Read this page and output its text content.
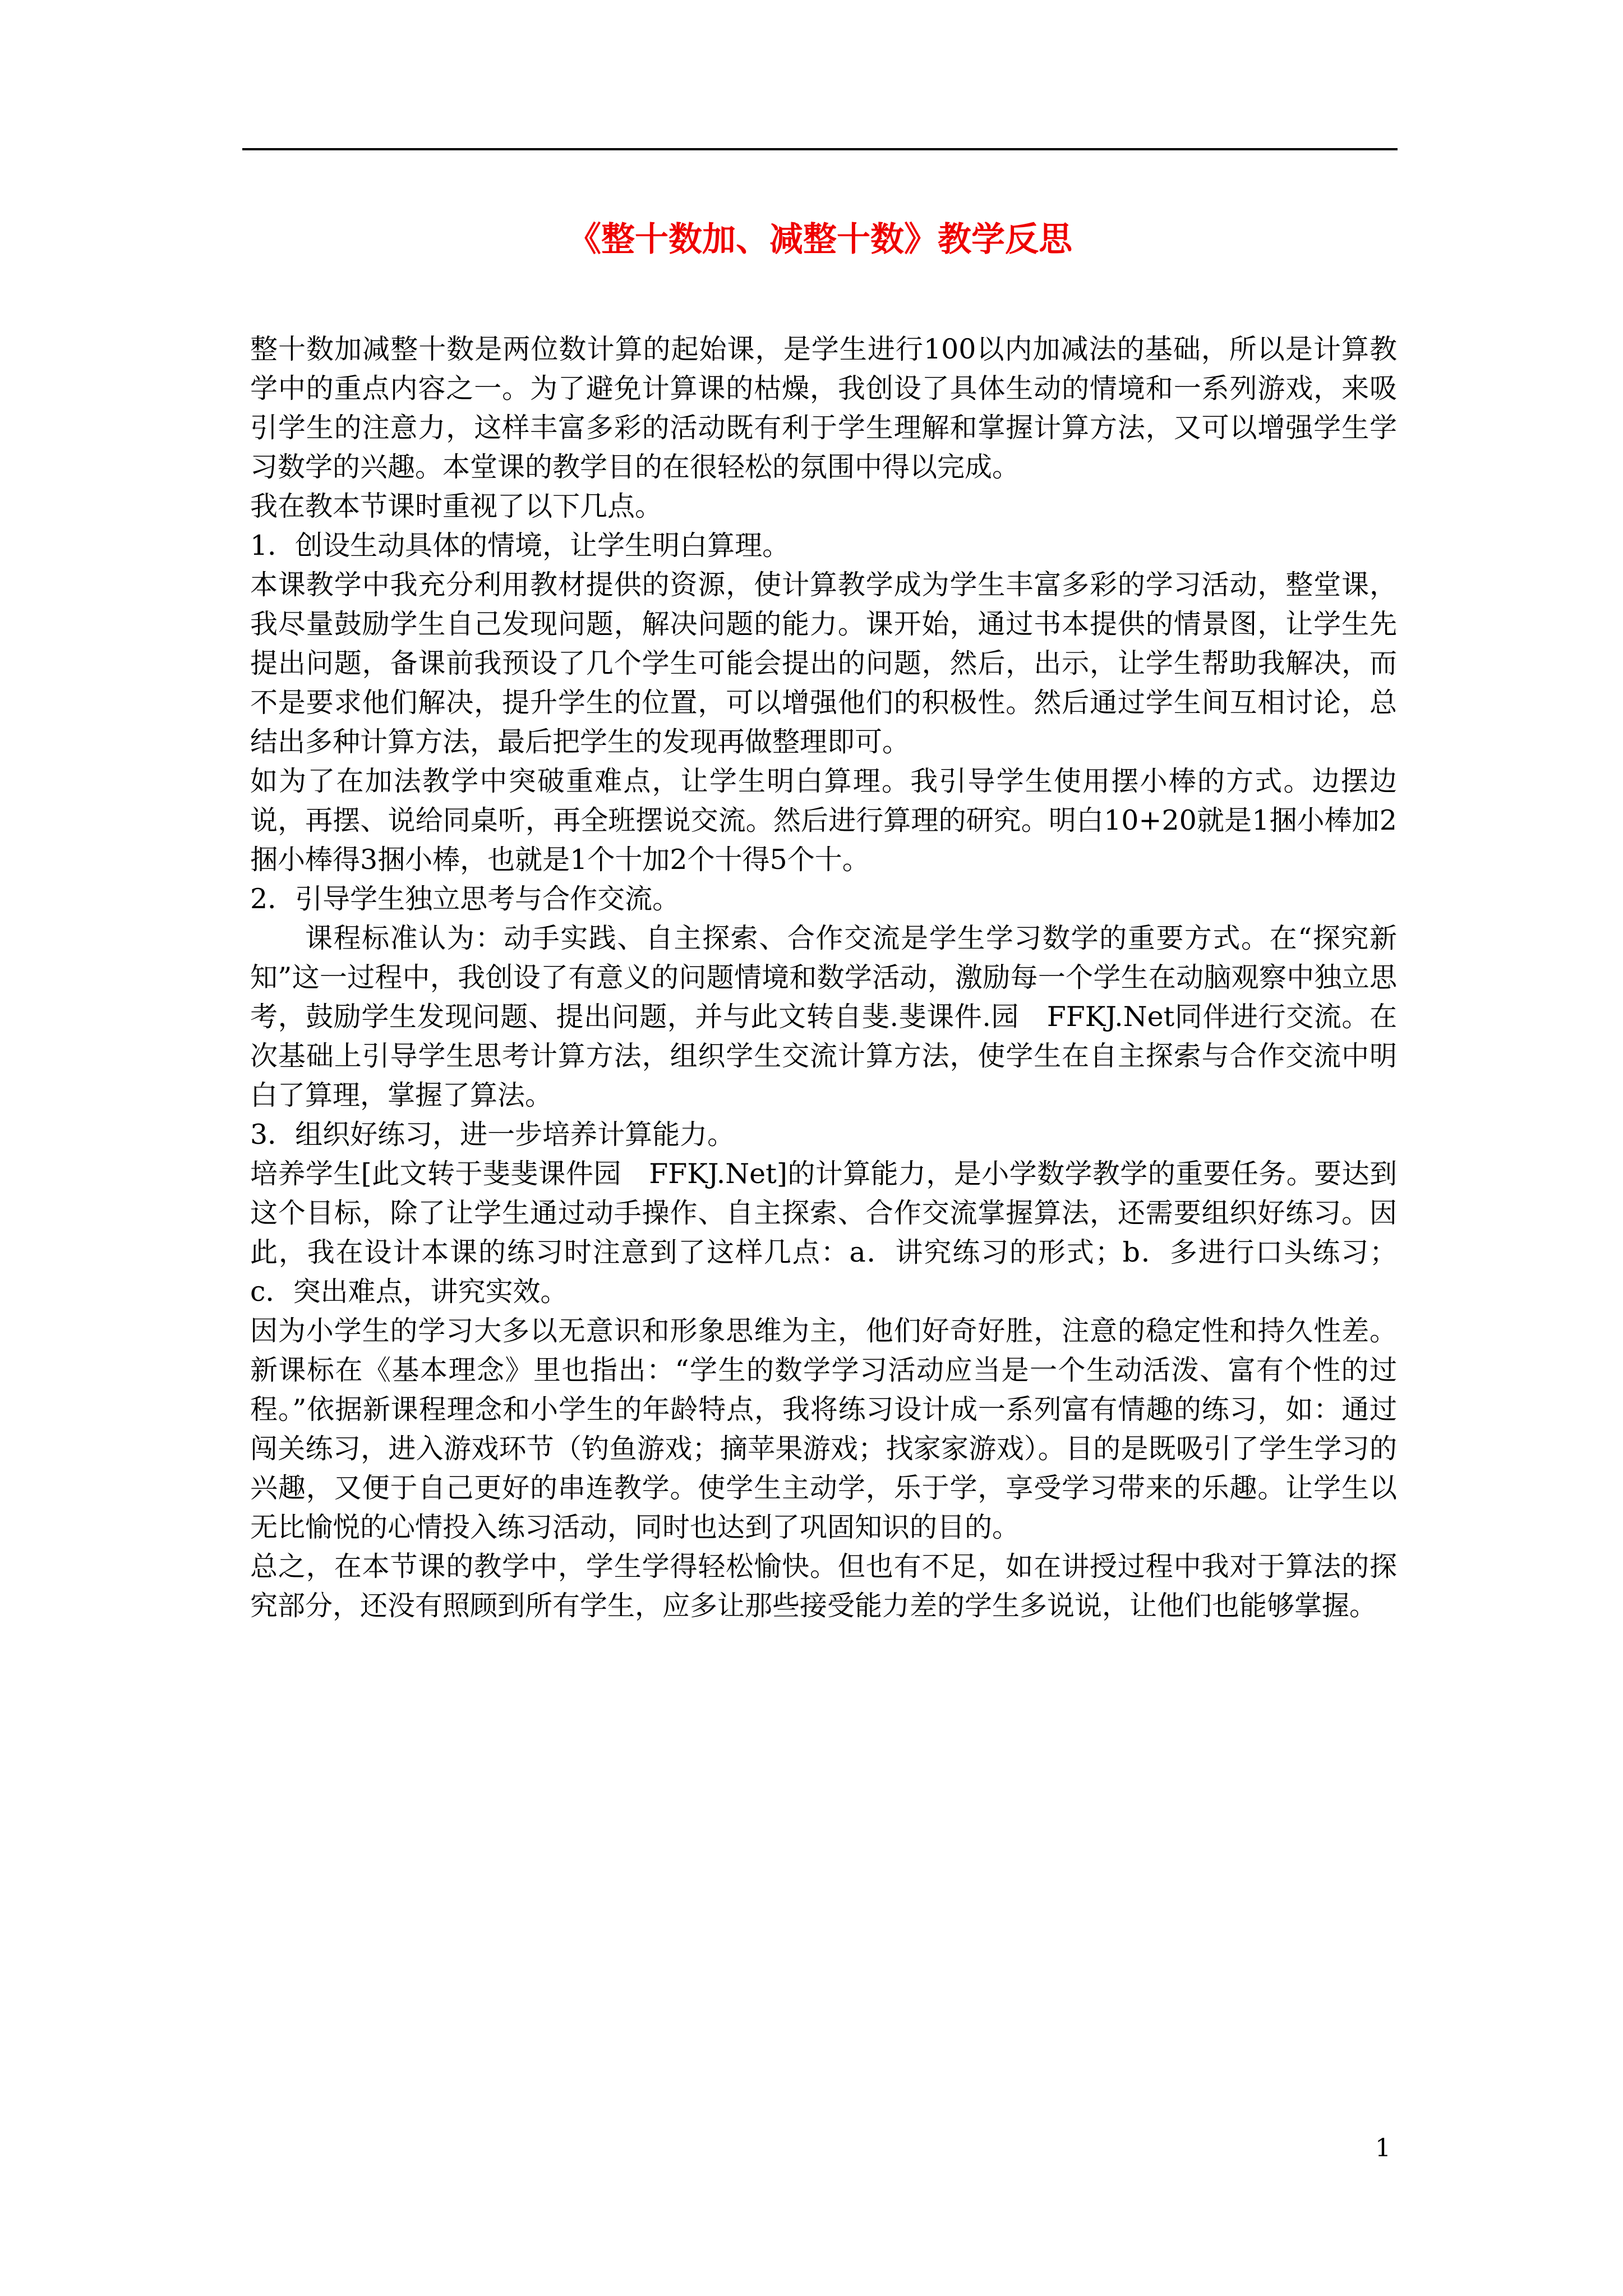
《整十数加、减整十数》教学反思

整十数加减整十数是两位数计算的起始课，是学生进行100以内加减法的基础，所以是计算教学中的重点内容之一。为了避免计算课的枯燥，我创设了具体生动的情境和一系列游戏，来吸引学生的注意力，这样丰富多彩的活动既有利于学生理解和掌握计算方法，又可以增强学生学习数学的兴趣。本堂课的教学目的在很轻松的氛围中得以完成。

我在教本节课时重视了以下几点。

1．创设生动具体的情境，让学生明白算理。

本课教学中我充分利用教材提供的资源，使计算教学成为学生丰富多彩的学习活动，整堂课，我尽量鼓励学生自己发现问题，解决问题的能力。课开始，通过书本提供的情景图，让学生先提出问题，备课前我预设了几个学生可能会提出的问题，然后，出示，让学生帮助我解决，而不是要求他们解决，提升学生的位置，可以增强他们的积极性。然后通过学生间互相讨论，总结出多种计算方法，最后把学生的发现再做整理即可。

如为了在加法教学中突破重难点，让学生明白算理。我引导学生使用摆小棒的方式。边摆边说，再摆、说给同桌听，再全班摆说交流。然后进行算理的研究。明白10+20就是1捆小棒加2捆小棒得3捆小棒，也就是1个十加2个十得5个十。

2．引导学生独立思考与合作交流。

课程标准认为：动手实践、自主探索、合作交流是学生学习数学的重要方式。在“探究新知”这一过程中，我创设了有意义的问题情境和数学活动，激励每一个学生在动脑观察中独立思考，鼓励学生发现问题、提出问题，并与此文转自斐.斐课件.园　FFKJ.Net同伴进行交流。在次基础上引导学生思考计算方法，组织学生交流计算方法，使学生在自主探索与合作交流中明白了算理，掌握了算法。

3．组织好练习，进一步培养计算能力。

培养学生[此文转于斐斐课件园　FFKJ.Net]的计算能力，是小学数学教学的重要任务。要达到这个目标，除了让学生通过动手操作、自主探索、合作交流掌握算法，还需要组织好练习。因此，我在设计本课的练习时注意到了这样几点：a．讲究练习的形式；b．多进行口头练习；c．突出难点，讲究实效。

因为小学生的学习大多以无意识和形象思维为主，他们好奇好胜，注意的稳定性和持久性差。新课标在《基本理念》里也指出：“学生的数学学习活动应当是一个生动活泼、富有个性的过程。”依据新课程理念和小学生的年龄特点，我将练习设计成一系列富有情趣的练习，如：通过闯关练习，进入游戏环节（钓鱼游戏；摘苹果游戏；找家家游戏）。目的是既吸引了学生学习的兴趣，又便于自己更好的串连教学。使学生主动学，乐于学，享受学习带来的乐趣。让学生以无比愉悦的心情投入练习活动，同时也达到了巩固知识的目的。

总之，在本节课的教学中，学生学得轻松愉快。但也有不足，如在讲授过程中我对于算法的探究部分，还没有照顾到所有学生，应多让那些接受能力差的学生多说说，让他们也能够掌握。

1
